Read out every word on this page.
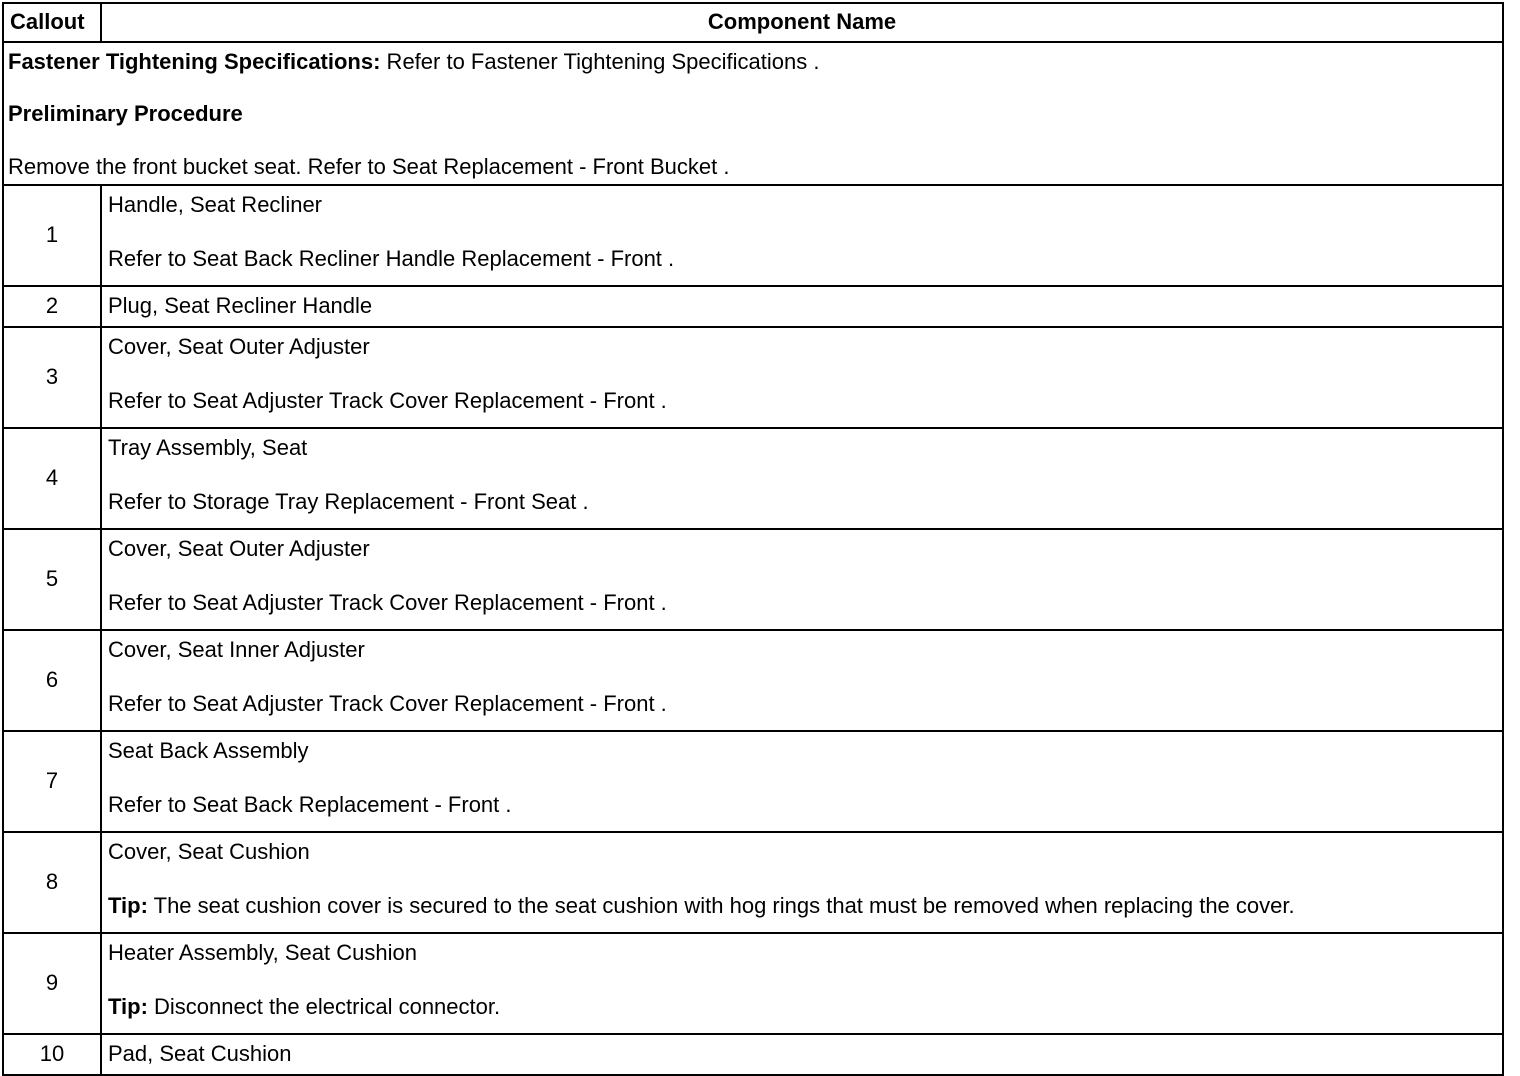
Callout	Component Name

Fastener Tightening Specifications: Refer to Fastener Tightening Specifications .

Preliminary Procedure

Remove the front bucket seat. Refer to Seat Replacement - Front Bucket .	

1	Handle, Seat Recliner
Refer to Seat Back Recliner Handle Replacement - Front .

2	Plug, Seat Recliner Handle

3	Cover, Seat Outer Adjuster
Refer to Seat Adjuster Track Cover Replacement - Front .

4	Tray Assembly, Seat
Refer to Storage Tray Replacement - Front Seat .

5	Cover, Seat Outer Adjuster
Refer to Seat Adjuster Track Cover Replacement - Front .

6	Cover, Seat Inner Adjuster
Refer to Seat Adjuster Track Cover Replacement - Front .

7	Seat Back Assembly
Refer to Seat Back Replacement - Front .

8	Cover, Seat Cushion
Tip: The seat cushion cover is secured to the seat cushion with hog rings that must be removed when replacing the cover.

9	Heater Assembly, Seat Cushion
Tip: Disconnect the electrical connector.

10	Pad, Seat Cushion
